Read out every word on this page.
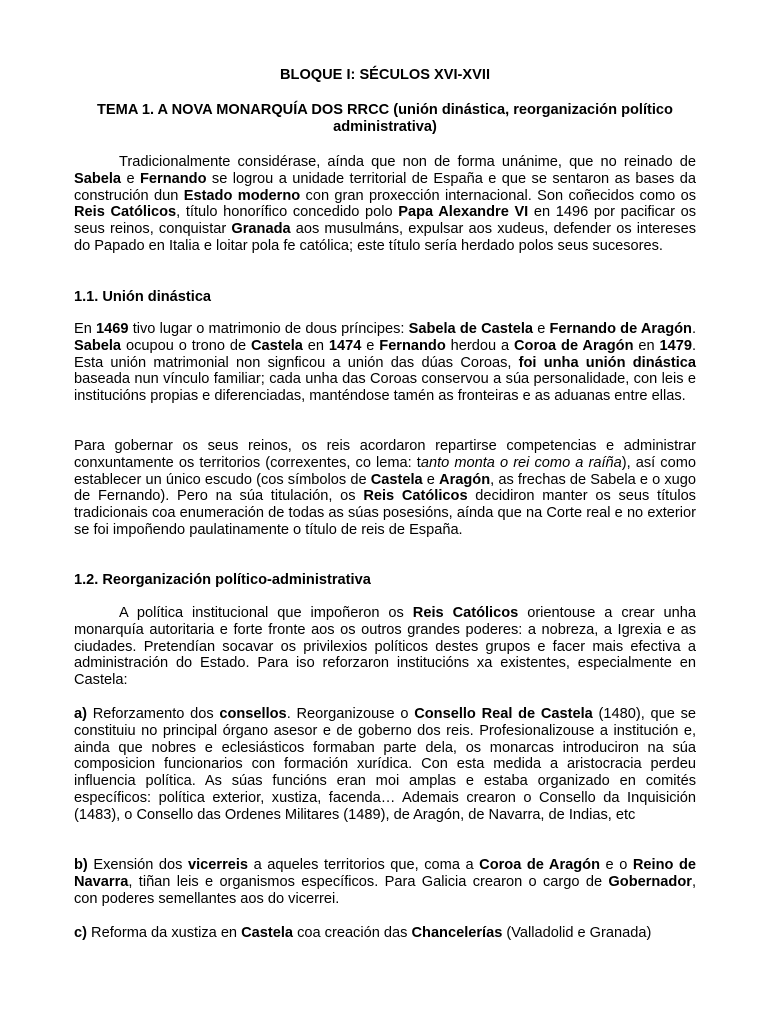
BLOQUE I: SÉCULOS XVI-XVII
TEMA 1. A NOVA MONARQUÍA DOS RRCC (unión dinástica, reorganización político administrativa)

Tradicionalmente considérase, aínda que non de forma unánime, que no reinado de Sabela e Fernando se logrou a unidade territorial de España e que se sentaron as bases da construción dun Estado moderno con gran proxección internacional. Son coñecidos como os Reis Católicos, título honorífico concedido polo Papa Alexandre VI en 1496 por pacificar os seus reinos, conquistar Granada aos musulmáns, expulsar aos xudeus, defender os intereses do Papado en Italia e loitar pola fe católica; este título sería herdado polos seus sucesores.

1.1. Unión dinástica

En 1469 tivo lugar o matrimonio de dous príncipes: Sabela de Castela e Fernando de Aragón. Sabela ocupou o trono de Castela en 1474 e Fernando herdou a Coroa de Aragón en 1479. Esta unión matrimonial non signficou a unión das dúas Coroas, foi unha unión dinástica baseada nun vínculo familiar; cada unha das Coroas conservou a súa personalidade, con leis e institucións propias e diferenciadas, manténdose tamén as fronteiras e as aduanas entre ellas.

Para gobernar os seus reinos, os reis acordaron repartirse competencias e administrar conxuntamente os territorios (correxentes, co lema: tanto monta o rei como a raíña), así como establecer un único escudo (cos símbolos de Castela e Aragón, as frechas de Sabela e o xugo de Fernando). Pero na súa titulación, os Reis Católicos decidiron manter os seus títulos tradicionais coa enumeración de todas as súas posesións, aínda que na Corte real e no exterior se foi impoñendo paulatinamente o título de reis de España.

1.2. Reorganización político-administrativa

A política institucional que impoñeron os Reis Católicos orientouse a crear unha monarquía autoritaria e forte fronte aos os outros grandes poderes: a nobreza, a Igrexia e as ciudades. Pretendían socavar os privilexios políticos destes grupos e facer mais efectiva a administración do Estado. Para iso reforzaron institucións xa existentes, especialmente en Castela:

a) Reforzamento dos consellos. Reorganizouse o Consello Real de Castela (1480), que se constituiu no principal órgano asesor e de goberno dos reis. Profesionalizouse a institución e, ainda que nobres e eclesiásticos formaban parte dela, os monarcas introduciron na súa composicion funcionarios con formación xurídica. Con esta medida a aristocracia perdeu influencia política. As súas funcións eran moi amplas e estaba organizado en comités específicos: política exterior, xustiza, facenda… Ademais crearon o Consello da Inquisición (1483), o Consello das Ordenes Militares (1489), de Aragón, de Navarra, de Indias, etc

b) Exensión dos vicerreis a aqueles territorios que, coma a Coroa de Aragón e o Reino de Navarra, tiñan leis e organismos específicos. Para Galicia crearon o cargo de Gobernador, con poderes semellantes aos do vicerrei.

c) Reforma da xustiza en Castela coa creación das Chancelerías (Valladolid e Granada)
